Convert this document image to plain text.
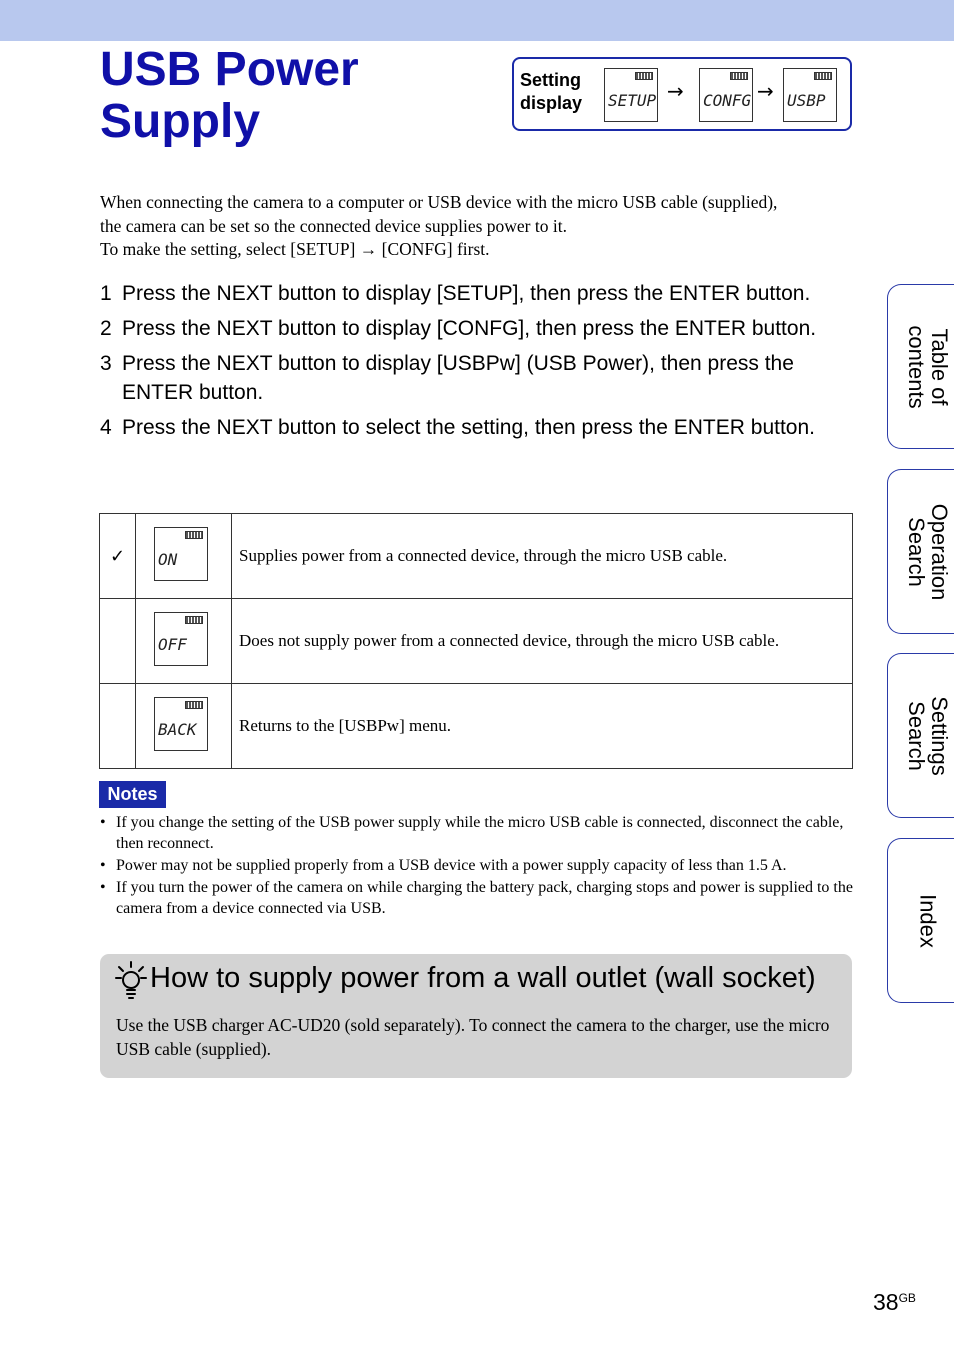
USB Power
Supply
Setting
display	SETUP → CONFG → USBP

When connecting the camera to a computer or USB device with the micro USB cable (supplied),

the camera can be set so the connected device supplies power to it.

To make the setting, select [SETUP] → [CONFG] first.

1 Press the NEXT button to display [SETUP], then press the ENTER button.
2 Press the NEXT button to display [CONFG], then press the ENTER button.
3 Press the NEXT button to display [USBPw] (USB Power), then press the ENTER button.
4 Press the NEXT button to select the setting, then press the ENTER button.
✓	ON	Supplies power from a connected device, through the micro USB cable.

	OFF	Does not supply power from a connected device, through the micro USB cable.

	BACK	Returns to the [USBPw] menu.
Notes
• If you change the setting of the USB power supply while the micro USB cable is connected, disconnect the cable, then reconnect.
• Power may not be supplied properly from a USB device with a power supply capacity of less than 1.5 A.
• If you turn the power of the camera on while charging the battery pack, charging stops and power is supplied to the camera from a device connected via USB.
How to supply power from a wall outlet (wall socket)

Use the USB charger AC-UD20 (sold separately). To connect the camera to the charger, use the micro USB cable (supplied).

Table of
contents
Operation
Search
Settings
Search
Index
$38^{GB}$
